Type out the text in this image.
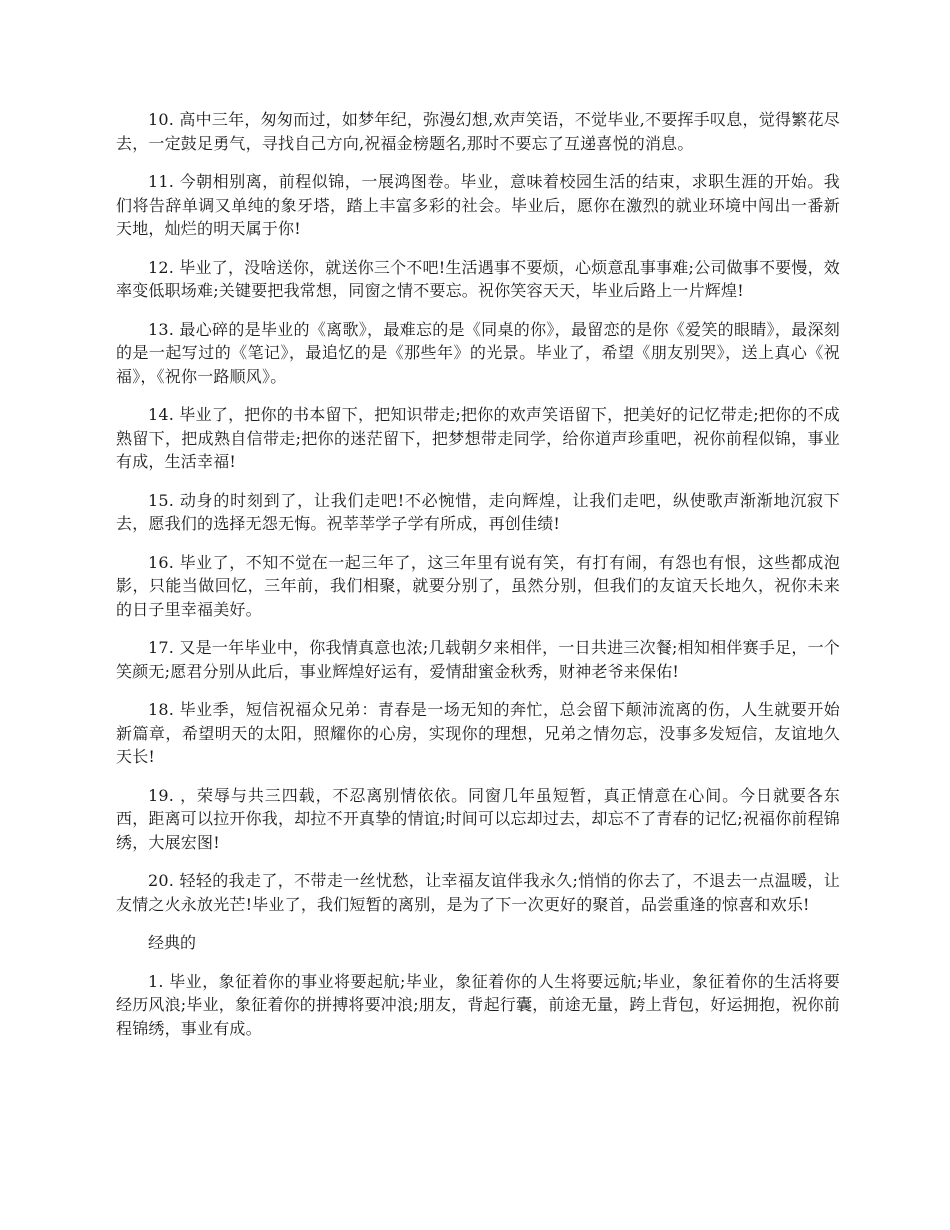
10. 高中三年，匆匆而过，如梦年纪，弥漫幻想,欢声笑语，不觉毕业,不要挥手叹息，觉得繁花尽去，一定鼓足勇气，寻找自己方向,祝福金榜题名,那时不要忘了互递喜悦的消息。

11. 今朝相别离，前程似锦，一展鸿图卷。毕业，意味着校园生活的结束，求职生涯的开始。我们将告辞单调又单纯的象牙塔，踏上丰富多彩的社会。毕业后，愿你在激烈的就业环境中闯出一番新天地，灿烂的明天属于你!

12. 毕业了，没啥送你，就送你三个不吧!生活遇事不要烦，心烦意乱事事难;公司做事不要慢，效率变低职场难;关键要把我常想，同窗之情不要忘。祝你笑容天天，毕业后路上一片辉煌!

13. 最心碎的是毕业的《离歌》，最难忘的是《同桌的你》，最留恋的是你《爱笑的眼睛》，最深刻的是一起写过的《笔记》，最追忆的是《那些年》的光景。毕业了，希望《朋友别哭》，送上真心《祝福》，《祝你一路顺风》。

14. 毕业了，把你的书本留下，把知识带走;把你的欢声笑语留下，把美好的记忆带走;把你的不成熟留下，把成熟自信带走;把你的迷茫留下，把梦想带走同学，给你道声珍重吧，祝你前程似锦，事业有成，生活幸福!

15. 动身的时刻到了，让我们走吧!不必惋惜，走向辉煌，让我们走吧，纵使歌声渐渐地沉寂下去，愿我们的选择无怨无悔。祝莘莘学子学有所成，再创佳绩!

16. 毕业了，不知不觉在一起三年了，这三年里有说有笑，有打有闹，有怨也有恨，这些都成泡影，只能当做回忆，三年前，我们相聚，就要分别了，虽然分别，但我们的友谊天长地久，祝你未来的日子里幸福美好。

17. 又是一年毕业中，你我情真意也浓;几载朝夕来相伴，一日共进三次餐;相知相伴赛手足，一个笑颜无;愿君分别从此后，事业辉煌好运有，爱情甜蜜金秋秀，财神老爷来保佑!

18. 毕业季，短信祝福众兄弟：青春是一场无知的奔忙，总会留下颠沛流离的伤，人生就要开始新篇章，希望明天的太阳，照耀你的心房，实现你的理想，兄弟之情勿忘，没事多发短信，友谊地久天长!

19. ，荣辱与共三四载，不忍离别情依依。同窗几年虽短暂，真正情意在心间。今日就要各东西，距离可以拉开你我，却拉不开真挚的情谊;时间可以忘却过去，却忘不了青春的记忆;祝福你前程锦绣，大展宏图!

20. 轻轻的我走了，不带走一丝忧愁，让幸福友谊伴我永久;悄悄的你去了，不退去一点温暖，让友情之火永放光芒!毕业了，我们短暂的离别，是为了下一次更好的聚首，品尝重逢的惊喜和欢乐!

经典的

1. 毕业，象征着你的事业将要起航;毕业，象征着你的人生将要远航;毕业，象征着你的生活将要经历风浪;毕业，象征着你的拼搏将要冲浪;朋友，背起行囊，前途无量，跨上背包，好运拥抱，祝你前程锦绣，事业有成。
